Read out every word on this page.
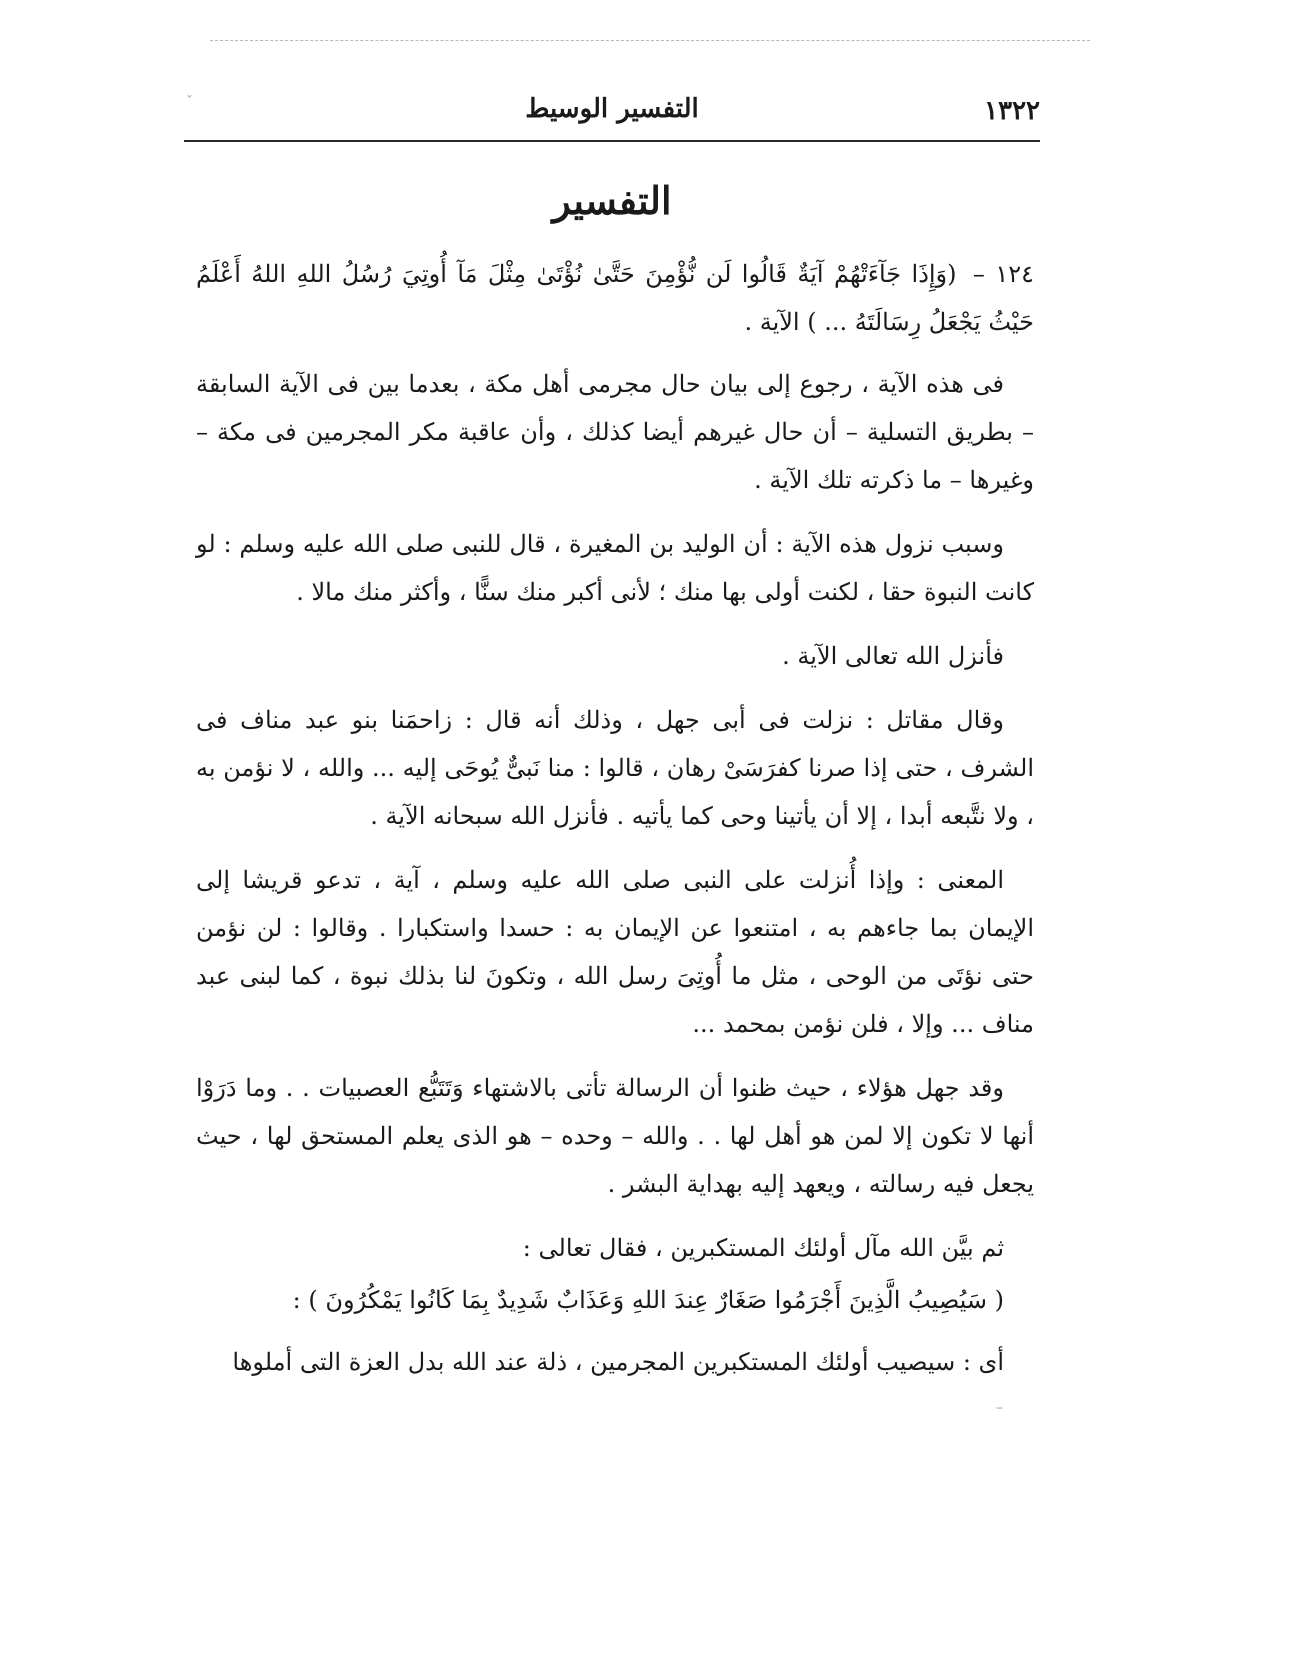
١٣٢٢
التفسير الوسيط
التفسير

١٢٤ – (وَإِذَا جَآءَتْهُمْ آيَةٌ قَالُوا لَن نُّؤْمِنَ حَتَّىٰ نُؤْتَىٰ مِثْلَ مَآ أُوتِيَ رُسُلُ اللهِ اللهُ أَعْلَمُ حَيْثُ يَجْعَلُ رِسَالَتَهُ ... ) الآية .

فى هذه الآية ، رجوع إلى بيان حال مجرمى أهل مكة ، بعدما بين فى الآية السابقة – بطريق التسلية – أن حال غيرهم أيضا كذلك ، وأن عاقبة مكر المجرمين فى مكة – وغيرها – ما ذكرته تلك الآية .

وسبب نزول هذه الآية : أن الوليد بن المغيرة ، قال للنبى صلى الله عليه وسلم : لو كانت النبوة حقا ، لكنت أولى بها منك ؛ لأنى أكبر منك سنًّا ، وأكثر منك مالا .

فأنزل الله تعالى الآية .

وقال مقاتل : نزلت فى أبى جهل ، وذلك أنه قال : زاحمَنا بنو عبد مناف فى الشرف ، حتى إذا صرنا كفرَسَىْ رهان ، قالوا : منا نَبىٌّ يُوحَى إليه ... والله ، لا نؤمن به ، ولا نتَّبعه أبدا ، إلا أن يأتينا وحى كما يأتيه . فأنزل الله سبحانه الآية .

المعنى : وإذا أُنزلت على النبى صلى الله عليه وسلم ، آية ، تدعو قريشا إلى الإيمان بما جاءهم به ، امتنعوا عن الإيمان به : حسدا واستكبارا . وقالوا : لن نؤمن حتى نؤتَى من الوحى ، مثل ما أُوتِىَ رسل الله ، وتكونَ لنا بذلك نبوة ، كما لبنى عبد مناف ... وإلا ، فلن نؤمن بمحمد ...

وقد جهل هؤلاء ، حيث ظنوا أن الرسالة تأتى بالاشتهاء وَتَتَبُّع العصبيات . . وما دَرَوْا أنها لا تكون إلا لمن هو أهل لها . . والله – وحده – هو الذى يعلم المستحق لها ، حيث يجعل فيه رسالته ، ويعهد إليه بهداية البشر .

ثم بيَّن الله مآل أولئك المستكبرين ، فقال تعالى :

( سَيُصِيبُ الَّذِينَ أَجْرَمُوا صَغَارٌ عِندَ اللهِ وَعَذَابٌ شَدِيدٌ بِمَا كَانُوا يَمْكُرُونَ ) :

أى : سيصيب أولئك المستكبرين المجرمين ، ذلة عند الله بدل العزة التى أملوها

ˇ
–
